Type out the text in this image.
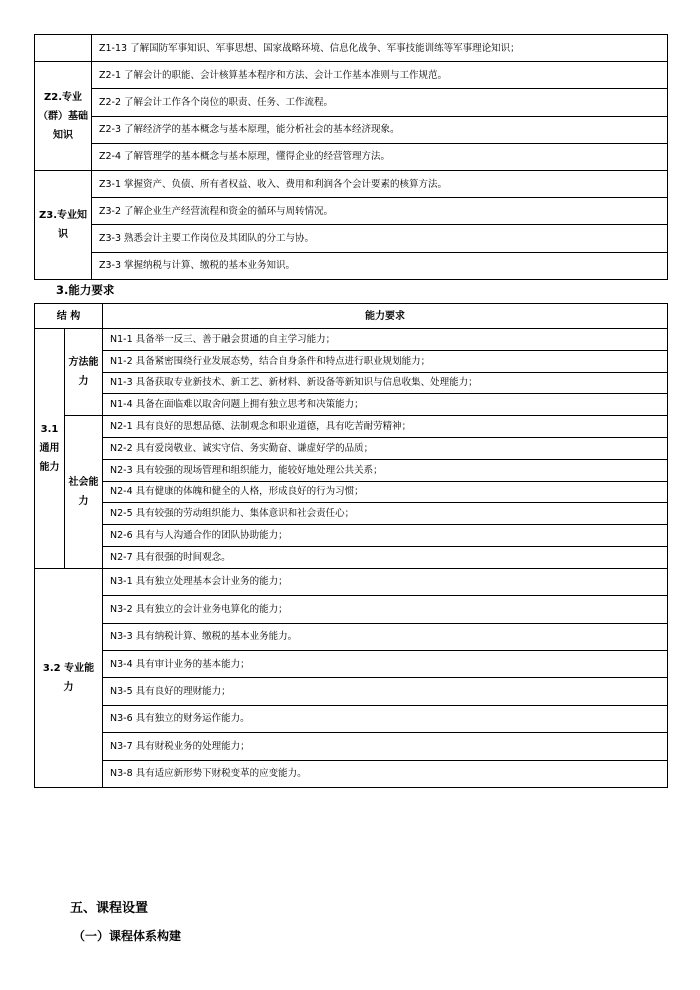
	Z1-13 了解国防军事知识、军事思想、国家战略环境、信息化战争、军事技能训练等军事理论知识；
Z2.专业（群）基础知识	Z2-1 了解会计的职能、会计核算基本程序和方法、会计工作基本准则与工作规范。
	Z2-2 了解会计工作各个岗位的职责、任务、工作流程。
	Z2-3 了解经济学的基本概念与基本原理，能分析社会的基本经济现象。
	Z2-4 了解管理学的基本概念与基本原理，懂得企业的经营管理方法。
Z3.专业知识	Z3-1 掌握资产、负债、所有者权益、收入、费用和利润各个会计要素的核算方法。
	Z3-2 了解企业生产经营流程和资金的循环与周转情况。
	Z3-3 熟悉会计主要工作岗位及其团队的分工与协。
	Z3-3 掌握纳税与计算、缴税的基本业务知识。
3.能力要求
结 构		能力要求
3.1 通用能力	方法能力	N1-1 具备举一反三、善于融会贯通的自主学习能力；
		N1-2 具备紧密围绕行业发展态势，结合自身条件和特点进行职业规划能力；
		N1-3 具备获取专业新技术、新工艺、新材料、新设备等新知识与信息收集、处理能力；
		N1-4 具备在面临难以取舍问题上拥有独立思考和决策能力；
	社会能力	N2-1 具有良好的思想品德、法制观念和职业道德，具有吃苦耐劳精神；
		N2-2 具有爱岗敬业、诚实守信、务实勤奋、谦虚好学的品质；
		N2-3 具有较强的现场管理和组织能力，能较好地处理公共关系；
		N2-4 具有健康的体魄和健全的人格，形成良好的行为习惯；
		N2-5 具有较强的劳动组织能力、集体意识和社会责任心；
		N2-6 具有与人沟通合作的团队协助能力；
		N2-7 具有很强的时间观念。
3.2 专业能力		N3-1 具有独立处理基本会计业务的能力；
		N3-2 具有独立的会计业务电算化的能力；
		N3-3 具有纳税计算、缴税的基本业务能力。
		N3-4 具有审计业务的基本能力；
		N3-5 具有良好的理财能力；
		N3-6 具有独立的财务运作能力。
		N3-7 具有财税业务的处理能力；
		N3-8 具有适应新形势下财税变革的应变能力。
五、课程设置
（一）课程体系构建
